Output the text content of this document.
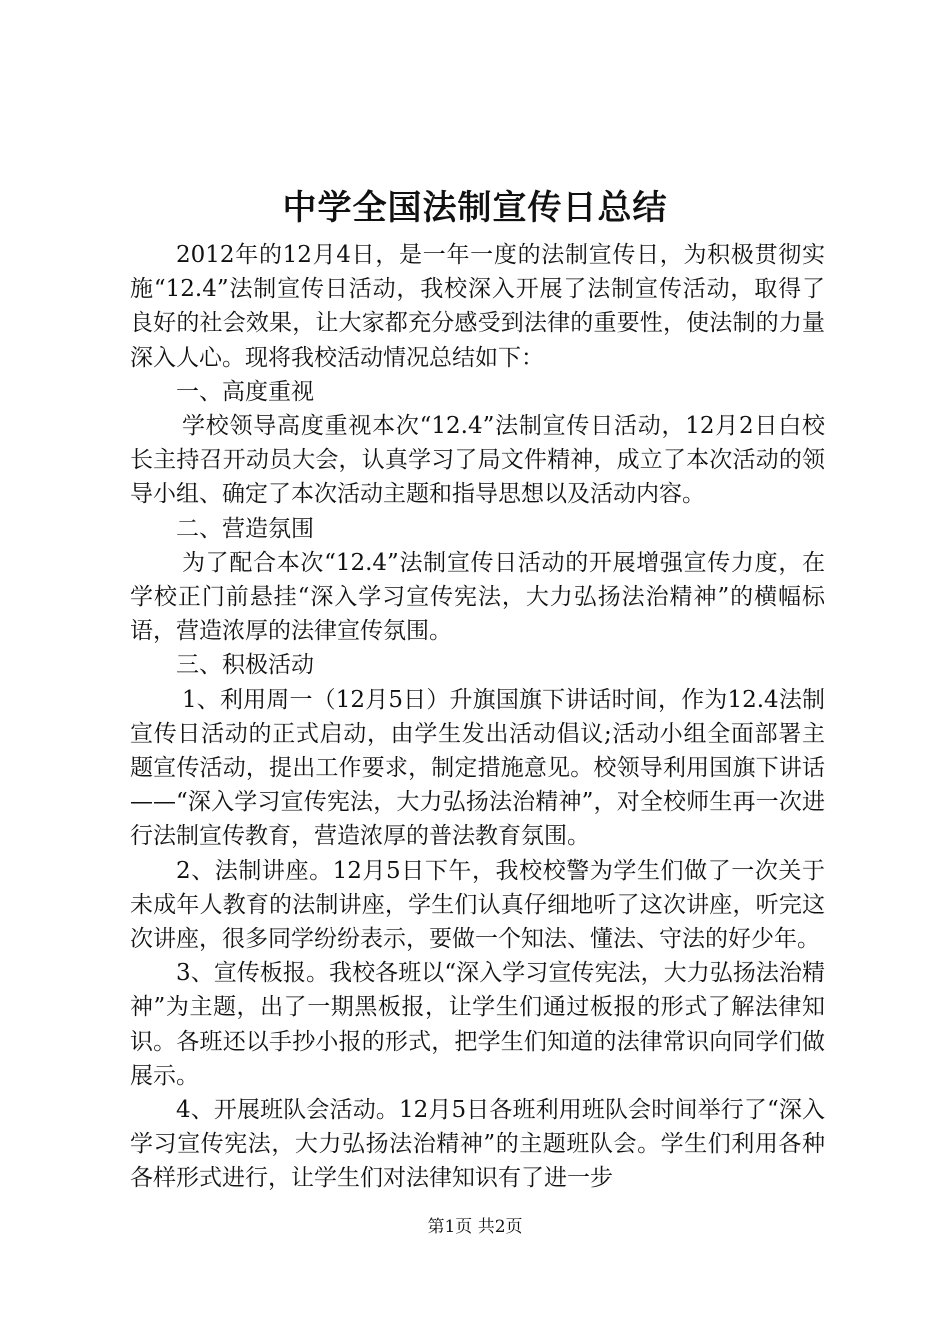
中学全国法制宣传日总结

2012年的12月4日，是一年一度的法制宣传日，为积极贯彻实施“12.4”法制宣传日活动，我校深入开展了法制宣传活动，取得了良好的社会效果，让大家都充分感受到法律的重要性，使法制的力量深入人心。现将我校活动情况总结如下：

一、高度重视

学校领导高度重视本次“12.4”法制宣传日活动，12月2日白校长主持召开动员大会，认真学习了局文件精神，成立了本次活动的领导小组、确定了本次活动主题和指导思想以及活动内容。

二、营造氛围

为了配合本次“12.4”法制宣传日活动的开展增强宣传力度，在学校正门前悬挂“深入学习宣传宪法，大力弘扬法治精神”的横幅标语，营造浓厚的法律宣传氛围。

三、积极活动

1、利用周一（12月5日）升旗国旗下讲话时间，作为12.4法制宣传日活动的正式启动，由学生发出活动倡议;活动小组全面部署主题宣传活动，提出工作要求，制定措施意见。校领导利用国旗下讲话——“深入学习宣传宪法，大力弘扬法治精神”，对全校师生再一次进行法制宣传教育，营造浓厚的普法教育氛围。

2、法制讲座。12月5日下午，我校校警为学生们做了一次关于未成年人教育的法制讲座，学生们认真仔细地听了这次讲座，听完这次讲座，很多同学纷纷表示，要做一个知法、懂法、守法的好少年。

3、宣传板报。我校各班以“深入学习宣传宪法，大力弘扬法治精神”为主题，出了一期黑板报，让学生们通过板报的形式了解法律知识。各班还以手抄小报的形式，把学生们知道的法律常识向同学们做展示。

4、开展班队会活动。12月5日各班利用班队会时间举行了“深入学习宣传宪法，大力弘扬法治精神”的主题班队会。学生们利用各种各样形式进行，让学生们对法律知识有了进一步

第1页 共2页
